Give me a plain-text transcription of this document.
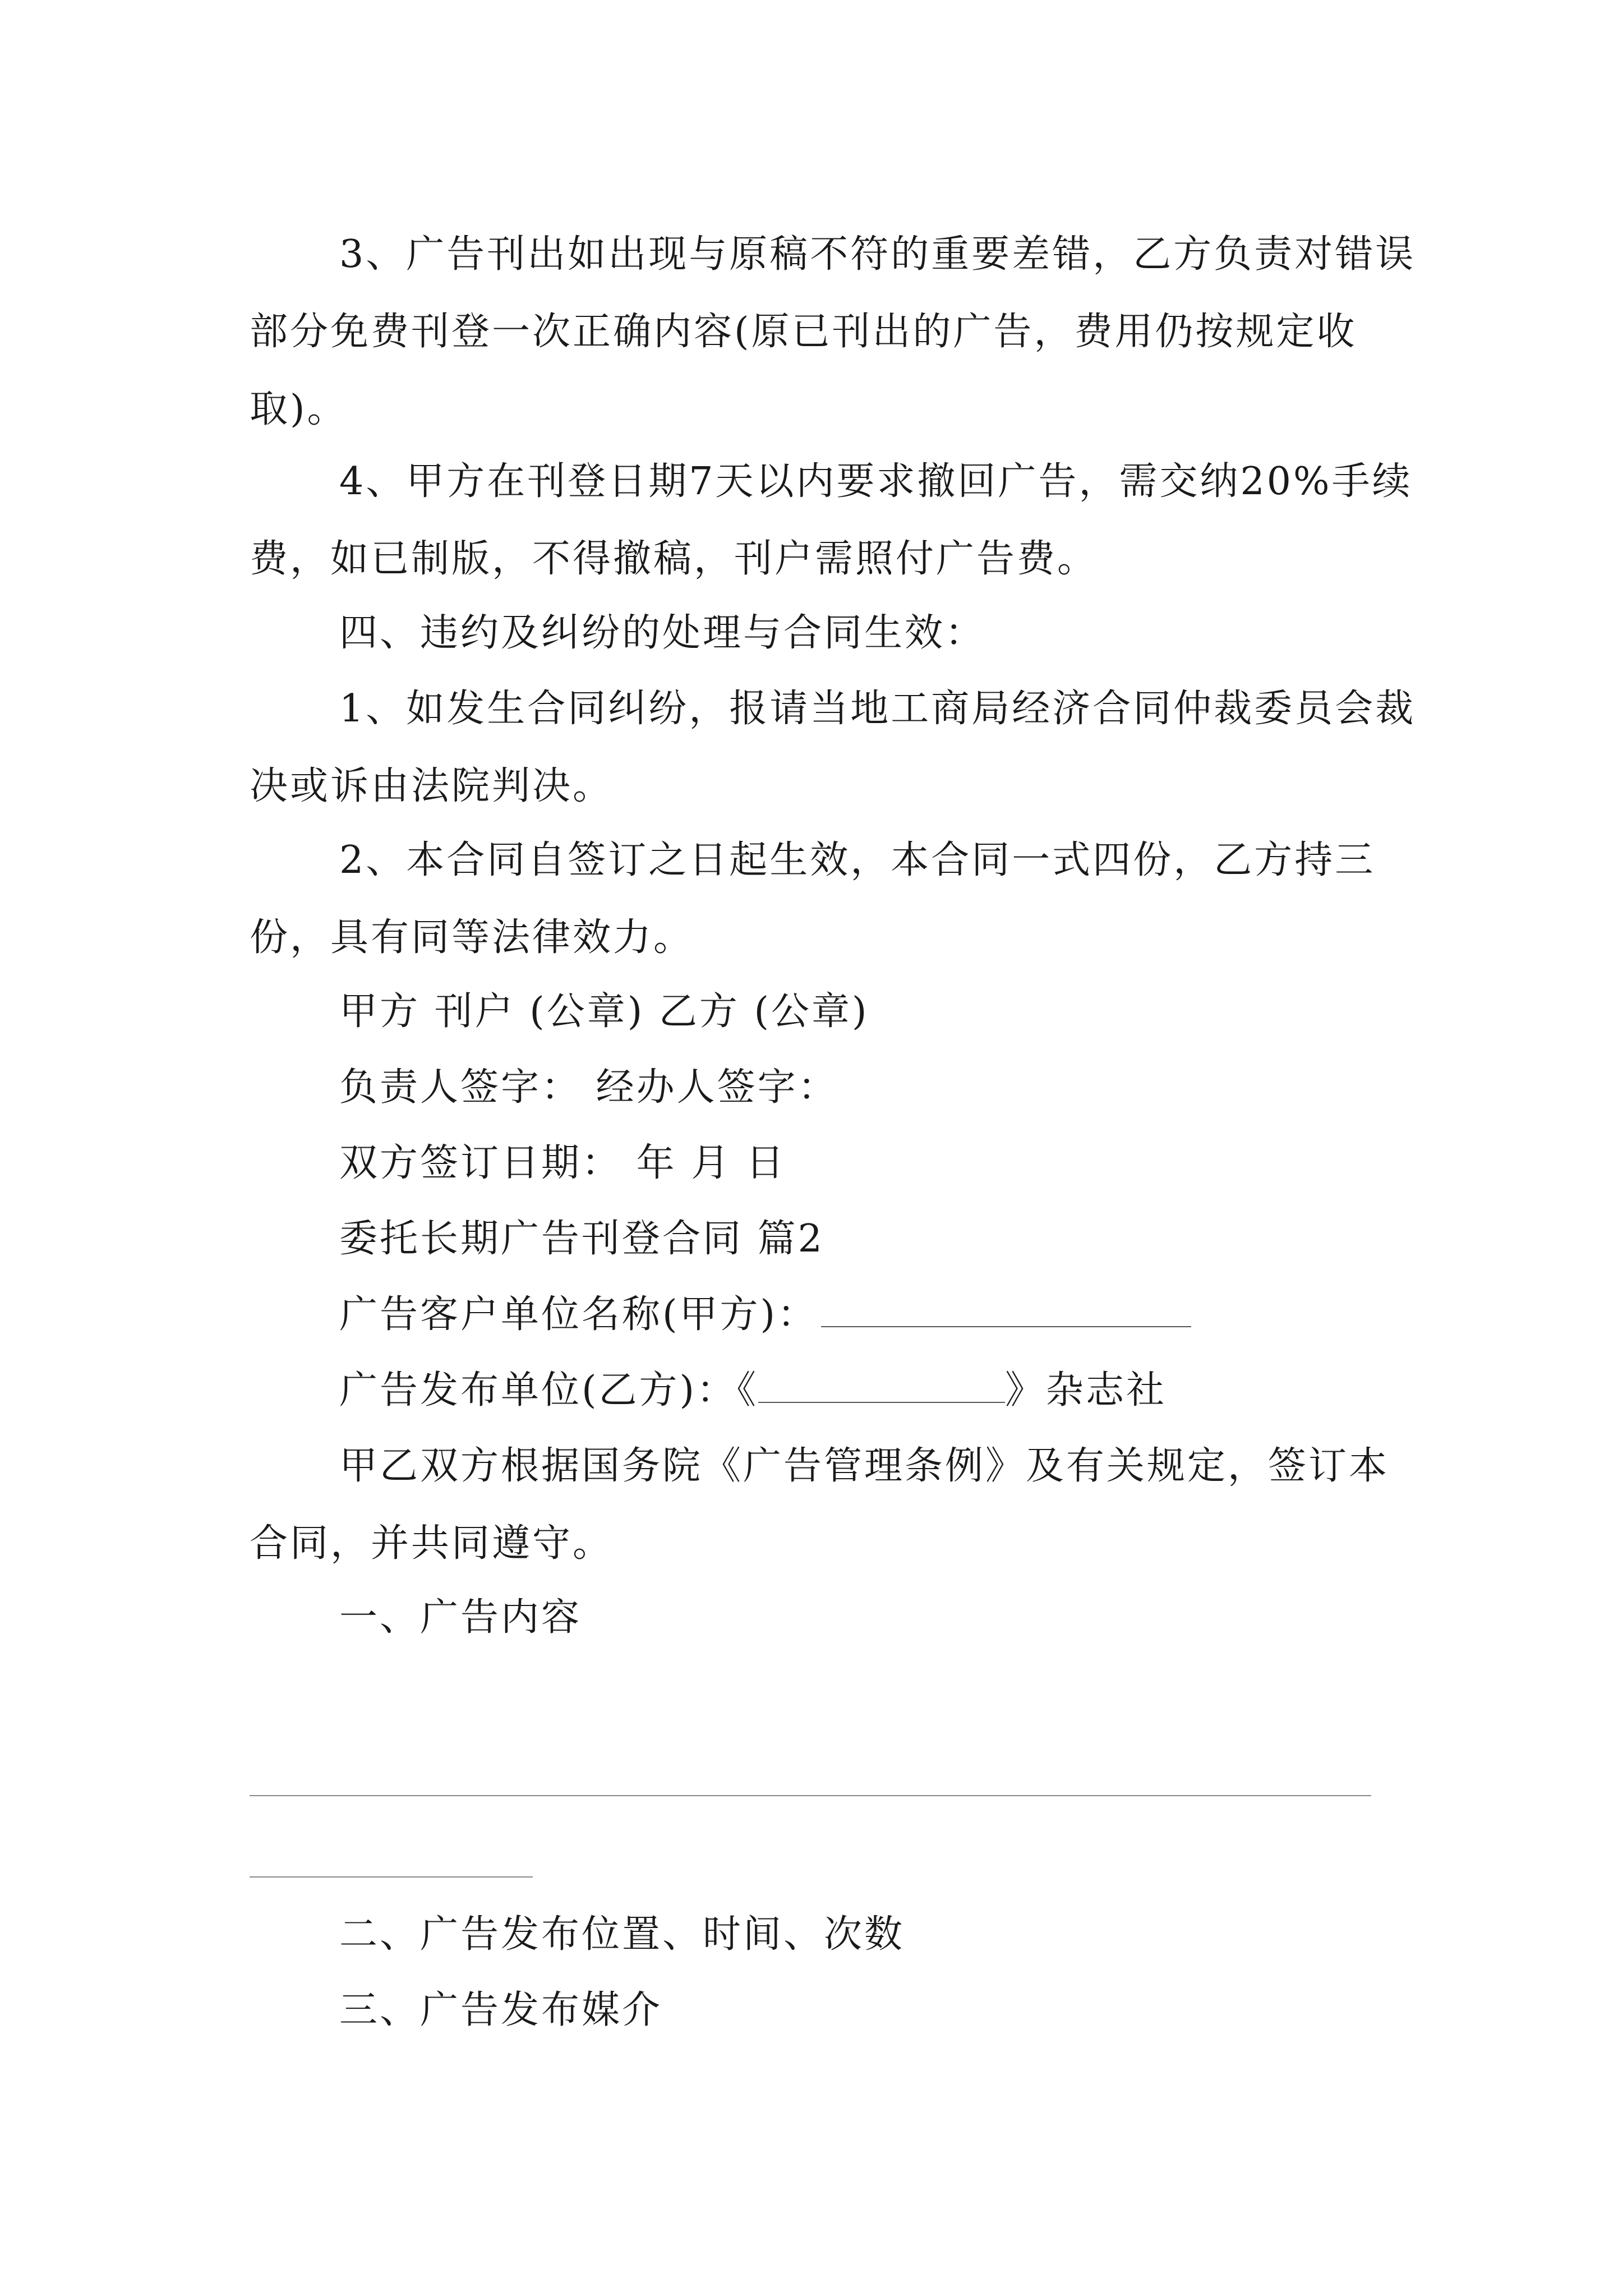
3、广告刊出如出现与原稿不符的重要差错，乙方负责对错误部分免费刊登一次正确内容(原已刊出的广告，费用仍按规定收取)。

4、甲方在刊登日期7天以内要求撤回广告，需交纳20%手续费，如已制版，不得撤稿，刊户需照付广告费。

四、违约及纠纷的处理与合同生效：

1、如发生合同纠纷，报请当地工商局经济合同仲裁委员会裁决或诉由法院判决。

2、本合同自签订之日起生效，本合同一式四份，乙方持三份，具有同等法律效力。

甲方 刊户 (公章) 乙方 (公章)

负责人签字： 经办人签字：

双方签订日期： 年 月 日

委托长期广告刊登合同 篇2

广告客户单位名称(甲方)：

广告发布单位(乙方)：《	》杂志社

甲乙双方根据国务院《广告管理条例》及有关规定，签订本合同，并共同遵守。

一、广告内容

二、广告发布位置、时间、次数

三、广告发布媒介
